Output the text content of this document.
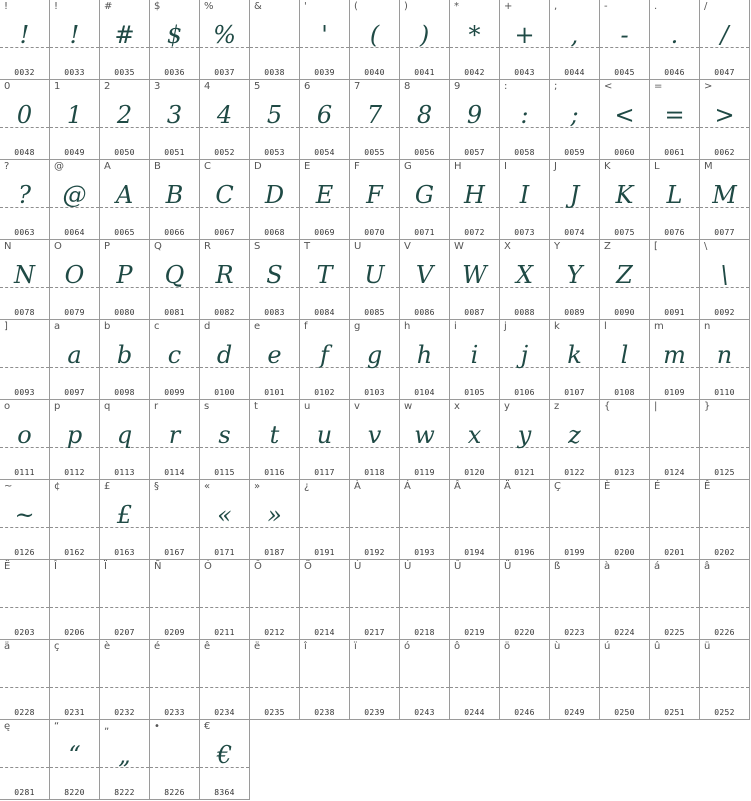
!
!
0032
!
!
0033
#
#
0035
$
$
0036
%
%
0037
&
0038
'
'
0039
(
(
0040
)
)
0041
*
*
0042
+
+
0043
,
,
0044
-
-
0045
.
.
0046
/
/
0047
0
0
0048
1
1
0049
2
2
0050
3
3
0051
4
4
0052
5
5
0053
6
6
0054
7
7
0055
8
8
0056
9
9
0057
:
:
0058
;
;
0059
<
<
0060
=
=
0061
>
>
0062
?
?
0063
@
@
0064
A
A
0065
B
B
0066
C
C
0067
D
D
0068
E
E
0069
F
F
0070
G
G
0071
H
H
0072
I
I
0073
J
J
0074
K
K
0075
L
L
0076
M
M
0077
N
N
0078
O
O
0079
P
P
0080
Q
Q
0081
R
R
0082
S
S
0083
T
T
0084
U
U
0085
V
V
0086
W
W
0087
X
X
0088
Y
Y
0089
Z
Z
0090
[
0091
\
\
0092
]
0093
a
a
0097
b
b
0098
c
c
0099
d
d
0100
e
e
0101
f
f
0102
g
g
0103
h
h
0104
i
i
0105
j
j
0106
k
k
0107
l
l
0108
m
m
0109
n
n
0110
o
o
0111
p
p
0112
q
q
0113
r
r
0114
s
s
0115
t
t
0116
u
u
0117
v
v
0118
w
w
0119
x
x
0120
y
y
0121
z
z
0122
{
0123
|
0124
}
0125
~
~
0126
¢
0162
£
£
0163
§
0167
«
«
0171
»
»
0187
¿
0191
À
0192
Á
0193
Â
0194
Ä
0196
Ç
0199
È
0200
É
0201
Ê
0202
Ë
0203
Î
0206
Ï
0207
Ñ
0209
Ó
0211
Ô
0212
Ö
0214
Ù
0217
Ú
0218
Û
0219
Ü
0220
ß
0223
à
0224
á
0225
â
0226
ä
0228
ç
0231
è
0232
é
0233
ê
0234
ë
0235
î
0238
ï
0239
ó
0243
ô
0244
ö
0246
ù
0249
ú
0250
û
0251
ü
0252
ę
0281
“
“
8220
„
„
8222
•
8226
€
€
8364
